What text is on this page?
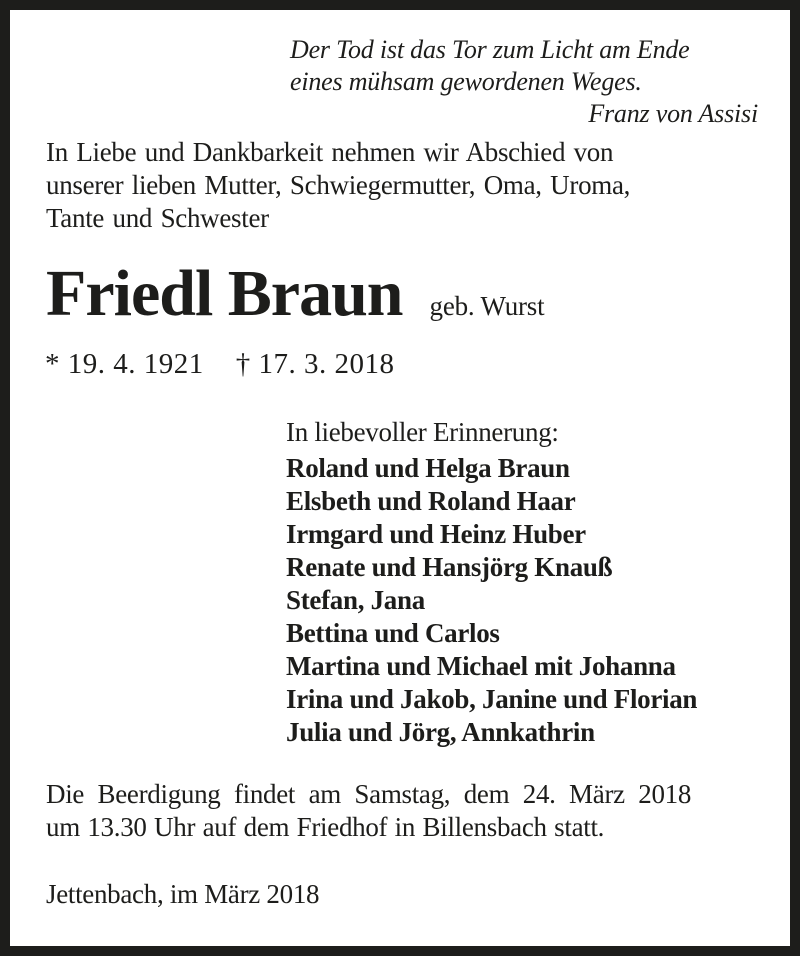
Der Tod ist das Tor zum Licht am Ende
eines mühsam gewordenen Weges.
Franz von Assisi
In Liebe und Dankbarkeit nehmen wir Abschied von
unserer lieben Mutter, Schwiegermutter, Oma, Uroma,
Tante und Schwester
Friedl Braun geb. Wurst
* 19. 4. 1921 † 17. 3. 2018
In liebevoller Erinnerung:
Roland und Helga Braun
Elsbeth und Roland Haar
Irmgard und Heinz Huber
Renate und Hansjörg Knauß
Stefan, Jana
Bettina und Carlos
Martina und Michael mit Johanna
Irina und Jakob, Janine und Florian
Julia und Jörg, Annkathrin
Die Beerdigung findet am Samstag, dem 24. März 2018
um 13.30 Uhr auf dem Friedhof in Billensbach statt.
Jettenbach, im März 2018
